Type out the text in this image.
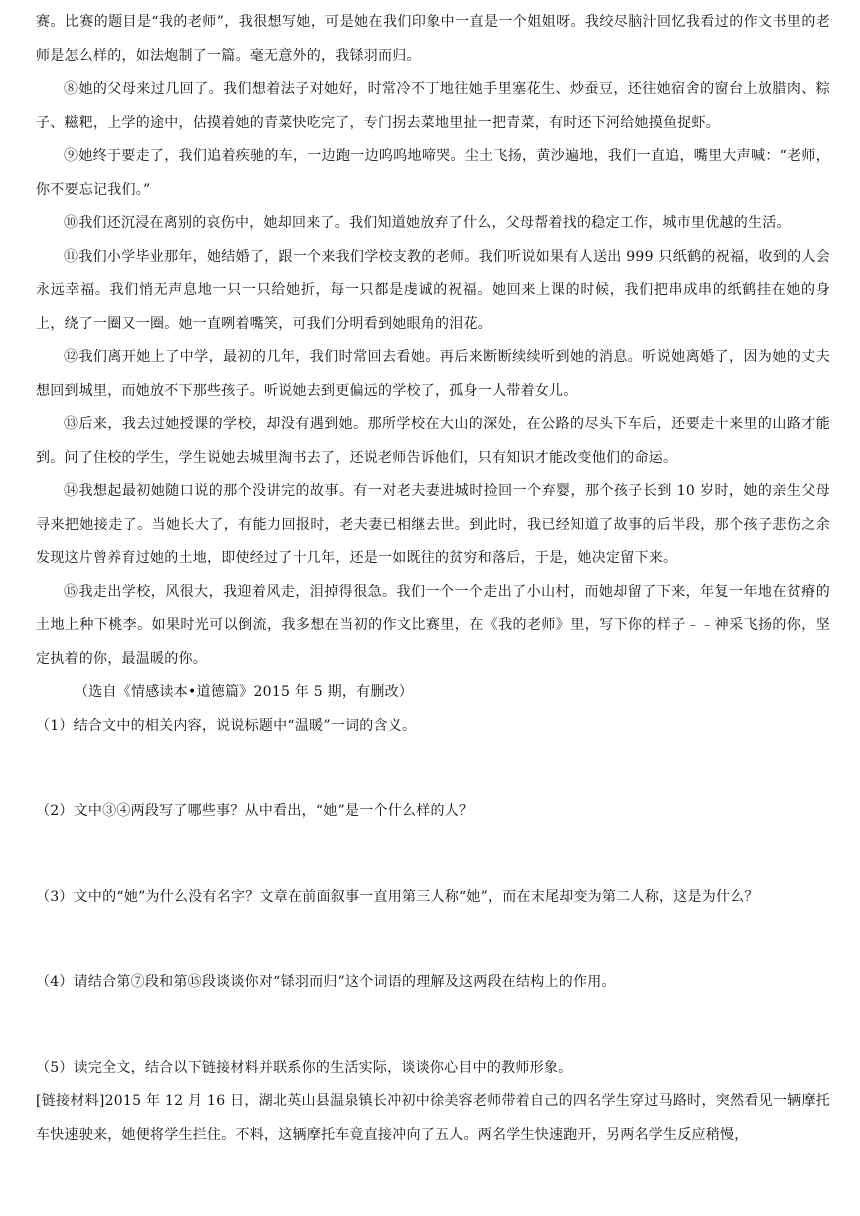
赛。比赛的题目是“我的老师”，我很想写她，可是她在我们印象中一直是一个姐姐呀。我绞尽脑汁回忆我看过的作文书里的老师是怎么样的，如法炮制了一篇。毫无意外的，我铩羽而归。

⑧她的父母来过几回了。我们想着法子对她好，时常冷不丁地往她手里塞花生、炒蚕豆，还往她宿舍的窗台上放腊肉、粽子、糍粑，上学的途中，估摸着她的青菜快吃完了，专门拐去菜地里扯一把青菜，有时还下河给她摸鱼捉虾。

⑨她终于要走了，我们追着疾驰的车，一边跑一边呜呜地啼哭。尘土飞扬，黄沙遍地，我们一直追，嘴里大声喊：“老师，你不要忘记我们。”

⑩我们还沉浸在离别的哀伤中，她却回来了。我们知道她放弃了什么，父母帮着找的稳定工作，城市里优越的生活。

⑪我们小学毕业那年，她结婚了，跟一个来我们学校支教的老师。我们听说如果有人送出 999 只纸鹤的祝福，收到的人会永远幸福。我们悄无声息地一只一只给她折，每一只都是虔诚的祝福。她回来上课的时候，我们把串成串的纸鹤挂在她的身上，绕了一圈又一圈。她一直咧着嘴笑，可我们分明看到她眼角的泪花。

⑫我们离开她上了中学，最初的几年，我们时常回去看她。再后来断断续续听到她的消息。听说她离婚了，因为她的丈夫想回到城里，而她放不下那些孩子。听说她去到更偏远的学校了，孤身一人带着女儿。

⑬后来，我去过她授课的学校，却没有遇到她。那所学校在大山的深处，在公路的尽头下车后，还要走十来里的山路才能到。问了住校的学生，学生说她去城里淘书去了，还说老师告诉他们，只有知识才能改变他们的命运。

⑭我想起最初她随口说的那个没讲完的故事。有一对老夫妻进城时捡回一个弃婴，那个孩子长到 10 岁时，她的亲生父母寻来把她接走了。当她长大了，有能力回报时，老夫妻已相继去世。到此时，我已经知道了故事的后半段，那个孩子悲伤之余发现这片曾养育过她的土地，即使经过了十几年，还是一如既往的贫穷和落后，于是，她决定留下来。

⑮我走出学校，风很大，我迎着风走，泪掉得很急。我们一个一个走出了小山村，而她却留了下来，年复一年地在贫瘠的土地上种下桃李。如果时光可以倒流，我多想在当初的作文比赛里，在《我的老师》里，写下你的样子﹣﹣神采飞扬的你，坚定执着的你，最温暖的你。

（选自《情感读本•道德篇》2015 年 5 期，有删改）

（1）结合文中的相关内容，说说标题中“温暖”一词的含义。

（2）文中③④两段写了哪些事？从中看出，“她”是一个什么样的人？

（3）文中的“她”为什么没有名字？文章在前面叙事一直用第三人称“她”，而在末尾却变为第二人称，这是为什么？

（4）请结合第⑦段和第⑮段谈谈你对“铩羽而归”这个词语的理解及这两段在结构上的作用。

（5）读完全文，结合以下链接材料并联系你的生活实际，谈谈你心目中的教师形象。

[链接材料]2015 年 12 月 16 日，湖北英山县温泉镇长冲初中徐美容老师带着自己的四名学生穿过马路时，突然看见一辆摩托车快速驶来，她便将学生拦住。不料，这辆摩托车竟直接冲向了五人。两名学生快速跑开，另两名学生反应稍慢，
